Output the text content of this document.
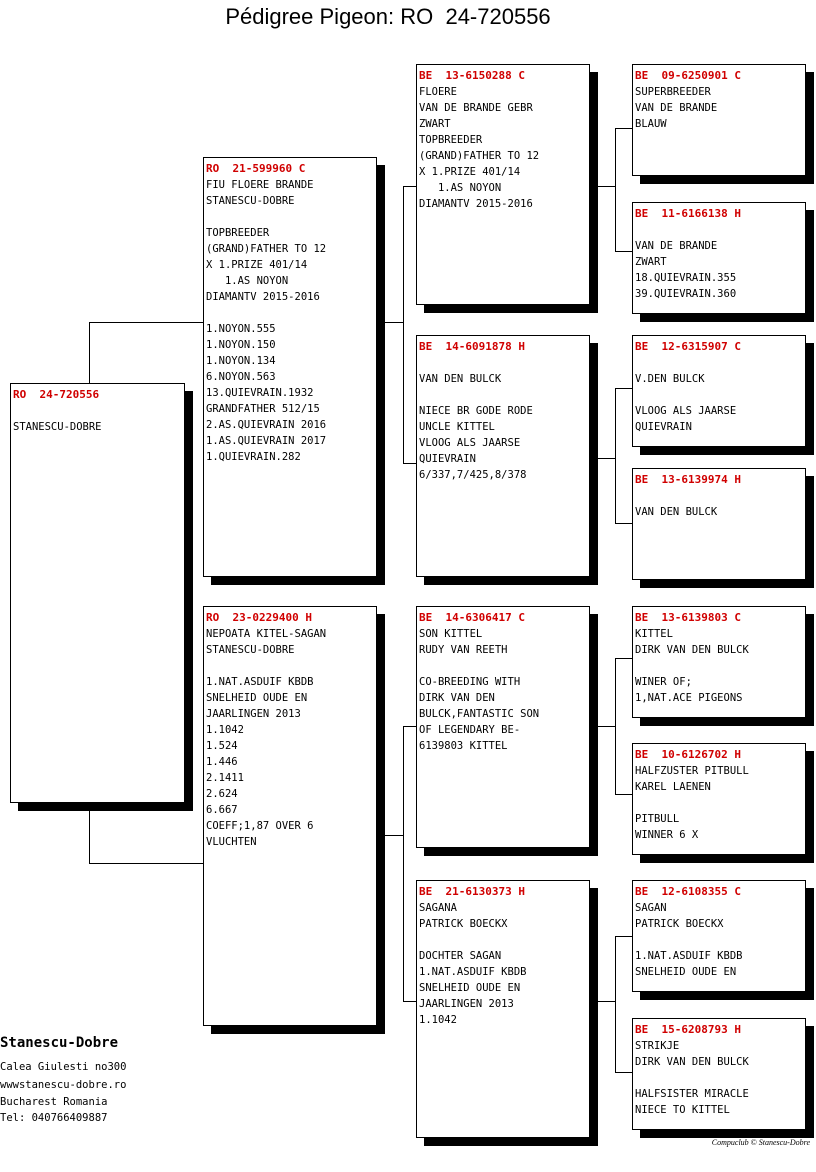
Pédigree Pigeon: RO  24-720556
RO  24-720556
STANESCU-DOBRE
RO  21-599960 C
FIU FLOERE BRANDE
STANESCU-DOBRE
TOPBREEDER
(GRAND)FATHER TO 12
X 1.PRIZE 401/14
1.AS NOYON
DIAMANTV 2015-2016
1.NOYON.555
1.NOYON.150
1.NOYON.134
6.NOYON.563
13.QUIEVRAIN.1932
GRANDFATHER 512/15
2.AS.QUIEVRAIN 2016
1.AS.QUIEVRAIN 2017
1.QUIEVRAIN.282
RO  23-0229400 H
NEPOATA KITEL-SAGAN
STANESCU-DOBRE
1.NAT.ASDUIF KBDB
SNELHEID OUDE EN
JAARLINGEN 2013
1.1042
1.524
1.446
2.1411
2.624
6.667
COEFF;1,87 OVER 6
VLUCHTEN
BE  13-6150288 C
FLOERE
VAN DE BRANDE GEBR
ZWART
TOPBREEDER
(GRAND)FATHER TO 12
X 1.PRIZE 401/14
1.AS NOYON
DIAMANTV 2015-2016
BE  14-6091878 H
VAN DEN BULCK
NIECE BR GODE RODE
UNCLE KITTEL
VLOOG ALS JAARSE
QUIEVRAIN
6/337,7/425,8/378
BE  14-6306417 C
SON KITTEL
RUDY VAN REETH
CO-BREEDING WITH
DIRK VAN DEN
BULCK,FANTASTIC SON
OF LEGENDARY BE-
6139803 KITTEL
BE  21-6130373 H
SAGANA
PATRICK BOECKX
DOCHTER SAGAN
1.NAT.ASDUIF KBDB
SNELHEID OUDE EN
JAARLINGEN 2013
1.1042
BE  09-6250901 C
SUPERBREEDER
VAN DE BRANDE
BLAUW
BE  11-6166138 H
VAN DE BRANDE
ZWART
18.QUIEVRAIN.355
39.QUIEVRAIN.360
BE  12-6315907 C
V.DEN BULCK
VLOOG ALS JAARSE
QUIEVRAIN
BE  13-6139974 H
VAN DEN BULCK
BE  13-6139803 C
KITTEL
DIRK VAN DEN BULCK
WINER OF;
1,NAT.ACE PIGEONS
BE  10-6126702 H
HALFZUSTER PITBULL
KAREL LAENEN
PITBULL
WINNER 6 X
BE  12-6108355 C
SAGAN
PATRICK BOECKX
1.NAT.ASDUIF KBDB
SNELHEID OUDE EN
BE  15-6208793 H
STRIKJE
DIRK VAN DEN BULCK
HALFSISTER MIRACLE
NIECE TO KITTEL
Stanescu-Dobre
Calea Giulesti no300
wwwstanescu-dobre.ro
Bucharest Romania
Tel: 040766409887
Compuclub © Stanescu-Dobre
